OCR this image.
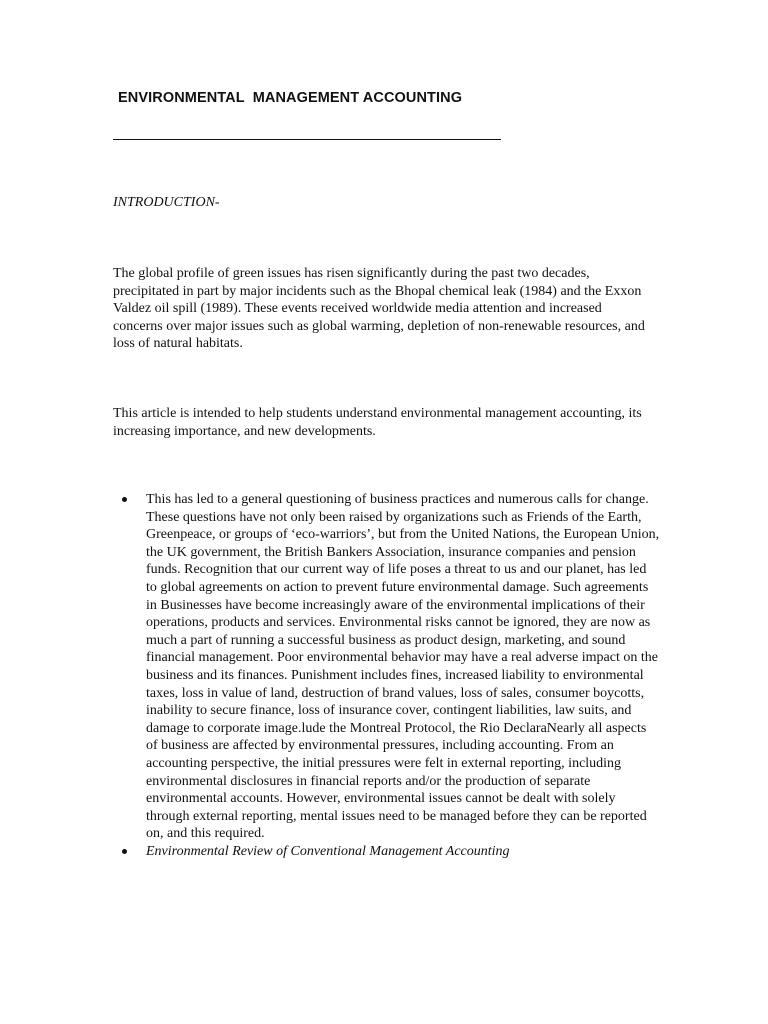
ENVIRONMENTAL  MANAGEMENT ACCOUNTING
INTRODUCTION-

The global profile of green issues has risen significantly during the past two decades, precipitated in part by major incidents such as the Bhopal chemical leak (1984) and the Exxon Valdez oil spill (1989). These events received worldwide media attention and increased concerns over major issues such as global warming, depletion of non-renewable resources, and loss of natural habitats.

This article is intended to help students understand environmental management accounting, its increasing importance, and new developments.

This has led to a general questioning of business practices and numerous calls for change. These questions have not only been raised by organizations such as Friends of the Earth, Greenpeace, or groups of ‘eco-warriors’, but from the United Nations, the European Union, the UK government, the British Bankers Association, insurance companies and pension funds. Recognition that our current way of life poses a threat to us and our planet, has led to global agreements on action to prevent future environmental damage. Such agreements in Businesses have become increasingly aware of the environmental implications of their operations, products and services. Environmental risks cannot be ignored, they are now as much a part of running a successful business as product design, marketing, and sound financial management. Poor environmental behavior may have a real adverse impact on the business and its finances. Punishment includes fines, increased liability to environmental taxes, loss in value of land, destruction of brand values, loss of sales, consumer boycotts, inability to secure finance, loss of insurance cover, contingent liabilities, law suits, and damage to corporate image.lude the Montreal Protocol, the Rio DeclaraNearly all aspects of business are affected by environmental pressures, including accounting. From an accounting perspective, the initial pressures were felt in external reporting, including environmental disclosures in financial reports and/or the production of separate environmental accounts. However, environmental issues cannot be dealt with solely through external reporting, mental issues need to be managed before they can be reported on, and this required.
Environmental Review of Conventional Management Accounting
